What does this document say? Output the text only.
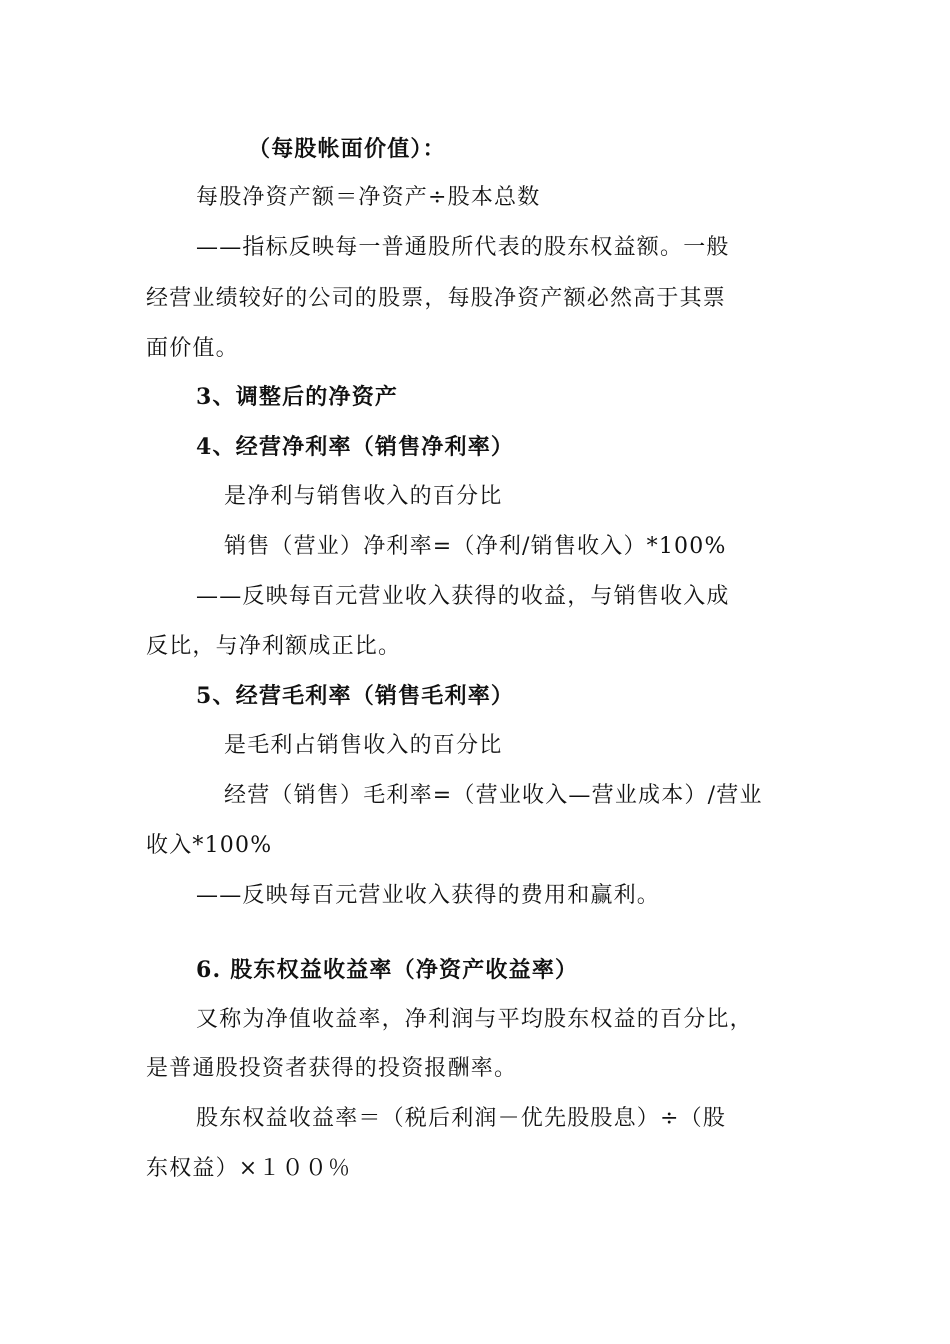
（每股帐面价值）：
每股净资产额＝净资产÷股本总数
——指标反映每一普通股所代表的股东权益额。一般
经营业绩较好的公司的股票，每股净资产额必然高于其票
面价值。
3、调整后的净资产
4、经营净利率（销售净利率）
是净利与销售收入的百分比
销售（营业）净利率=（净利/销售收入）*100%
——反映每百元营业收入获得的收益，与销售收入成
反比，与净利额成正比。
5、经营毛利率（销售毛利率）
是毛利占销售收入的百分比
经营（销售）毛利率=（营业收入—营业成本）/营业
收入*100%
——反映每百元营业收入获得的费用和赢利。
6. 股东权益收益率（净资产收益率）
又称为净值收益率，净利润与平均股东权益的百分比，
是普通股投资者获得的投资报酬率。
股东权益收益率＝（税后利润－优先股股息）÷（股
东权益）×１００％
